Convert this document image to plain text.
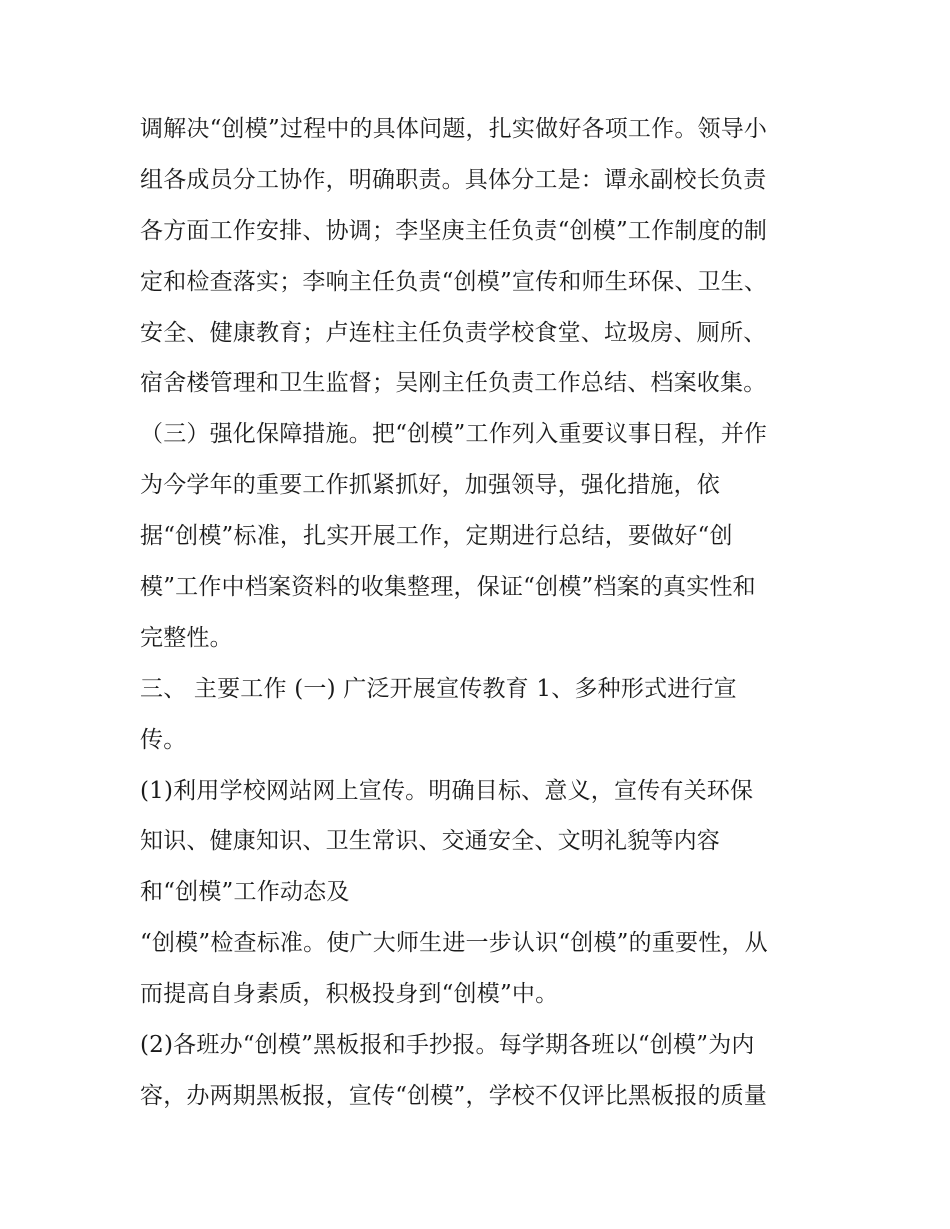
调解决“创模”过程中的具体问题，扎实做好各项工作。领导小
组各成员分工协作，明确职责。具体分工是：谭永副校长负责
各方面工作安排、协调；李坚庚主任负责“创模”工作制度的制
定和检查落实；李响主任负责“创模”宣传和师生环保、卫生、
安全、健康教育；卢连柱主任负责学校食堂、垃圾房、厕所、
宿舍楼管理和卫生监督；吴刚主任负责工作总结、档案收集。
（三）强化保障措施。把“创模”工作列入重要议事日程，并作
为今学年的重要工作抓紧抓好，加强领导，强化措施，依
据“创模”标准，扎实开展工作，定期进行总结，要做好“创
模”工作中档案资料的收集整理，保证“创模”档案的真实性和
完整性。
三、 主要工作 (一) 广泛开展宣传教育 1、多种形式进行宣
传。
(1)利用学校网站网上宣传。明确目标、意义，宣传有关环保
知识、健康知识、卫生常识、交通安全、文明礼貌等内容
和“创模”工作动态及
“创模”检查标准。使广大师生进一步认识“创模”的重要性，从
而提高自身素质，积极投身到“创模”中。
(2)各班办“创模”黑板报和手抄报。每学期各班以“创模”为内
容，办两期黑板报，宣传“创模”，学校不仅评比黑板报的质量
